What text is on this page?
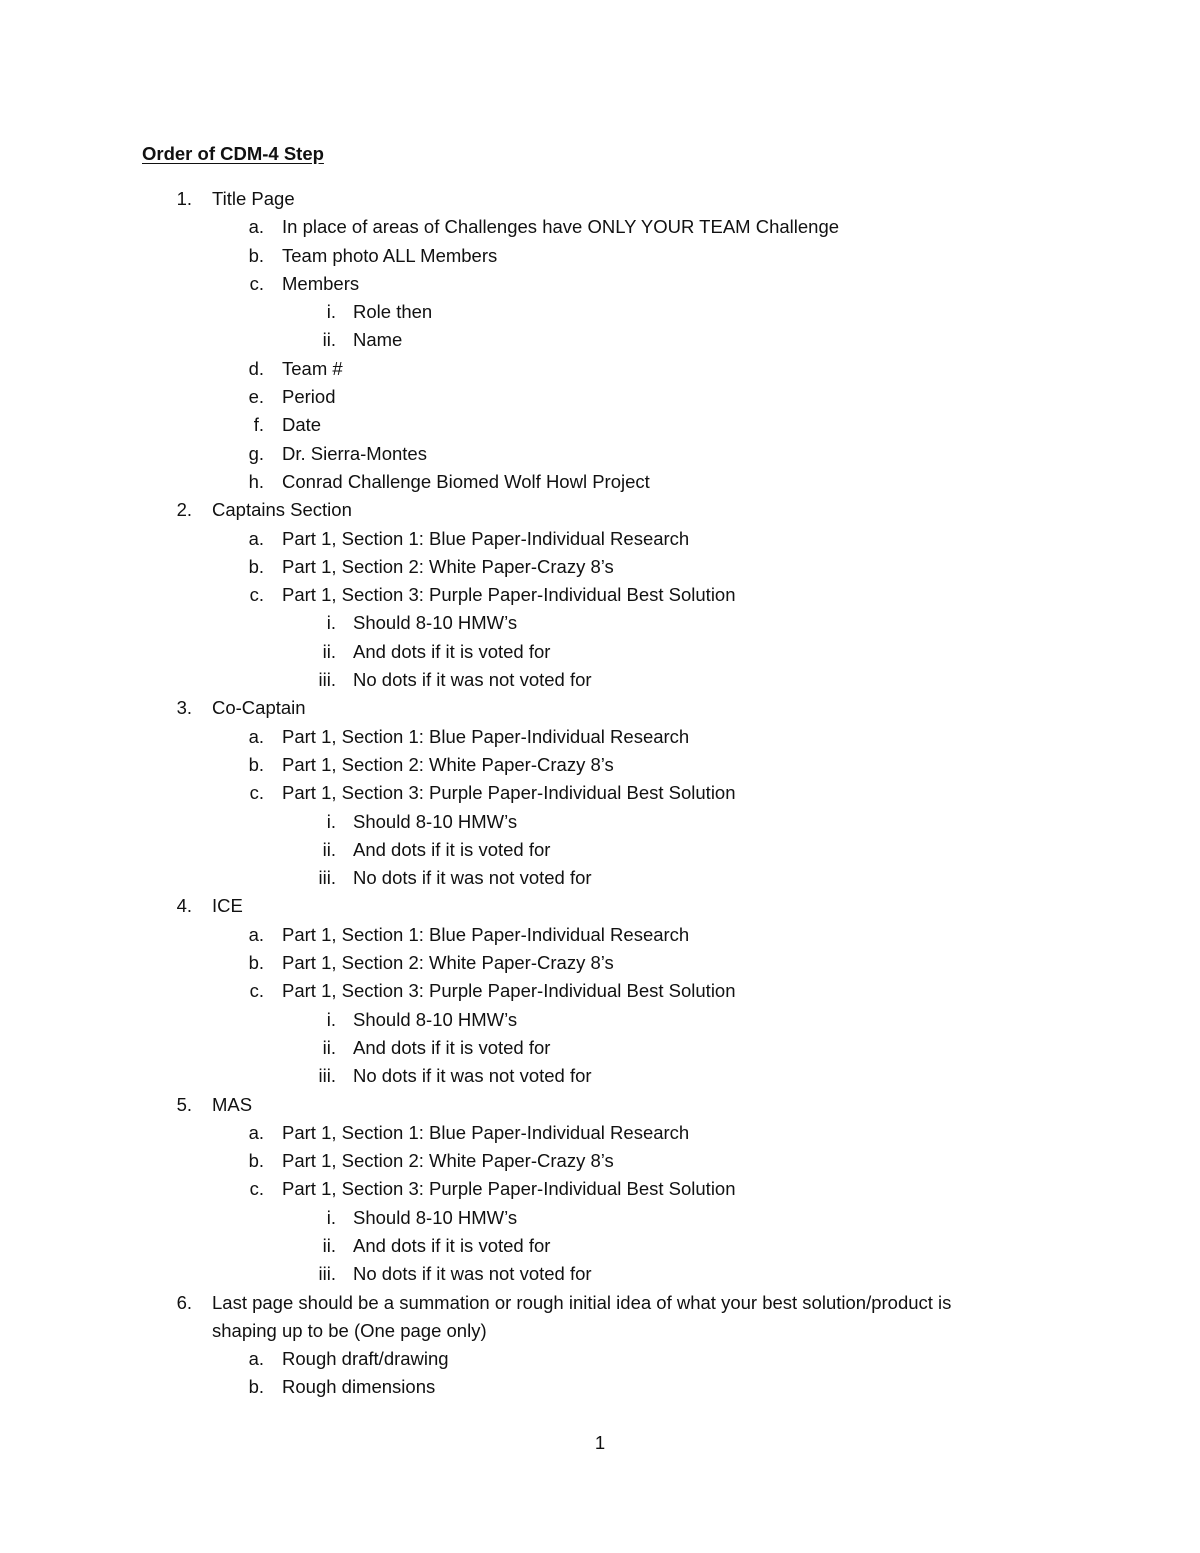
Order of CDM-4 Step
1. Title Page
a. In place of areas of Challenges have ONLY YOUR TEAM Challenge
b. Team photo ALL Members
c. Members
i. Role then
ii. Name
d. Team #
e. Period
f. Date
g. Dr. Sierra-Montes
h. Conrad Challenge Biomed Wolf Howl Project
2. Captains Section
a. Part 1, Section 1: Blue Paper-Individual Research
b. Part 1, Section 2: White Paper-Crazy 8’s
c. Part 1, Section 3: Purple Paper-Individual Best Solution
i. Should 8-10 HMW’s
ii. And dots if it is voted for
iii. No dots if it was not voted for
3. Co-Captain
a. Part 1, Section 1: Blue Paper-Individual Research
b. Part 1, Section 2: White Paper-Crazy 8’s
c. Part 1, Section 3: Purple Paper-Individual Best Solution
i. Should 8-10 HMW’s
ii. And dots if it is voted for
iii. No dots if it was not voted for
4. ICE
a. Part 1, Section 1: Blue Paper-Individual Research
b. Part 1, Section 2: White Paper-Crazy 8’s
c. Part 1, Section 3: Purple Paper-Individual Best Solution
i. Should 8-10 HMW’s
ii. And dots if it is voted for
iii. No dots if it was not voted for
5. MAS
a. Part 1, Section 1: Blue Paper-Individual Research
b. Part 1, Section 2: White Paper-Crazy 8’s
c. Part 1, Section 3: Purple Paper-Individual Best Solution
i. Should 8-10 HMW’s
ii. And dots if it is voted for
iii. No dots if it was not voted for
6. Last page should be a summation or rough initial idea of what your best solution/product is
shaping up to be (One page only)
a. Rough draft/drawing
b. Rough dimensions
1
